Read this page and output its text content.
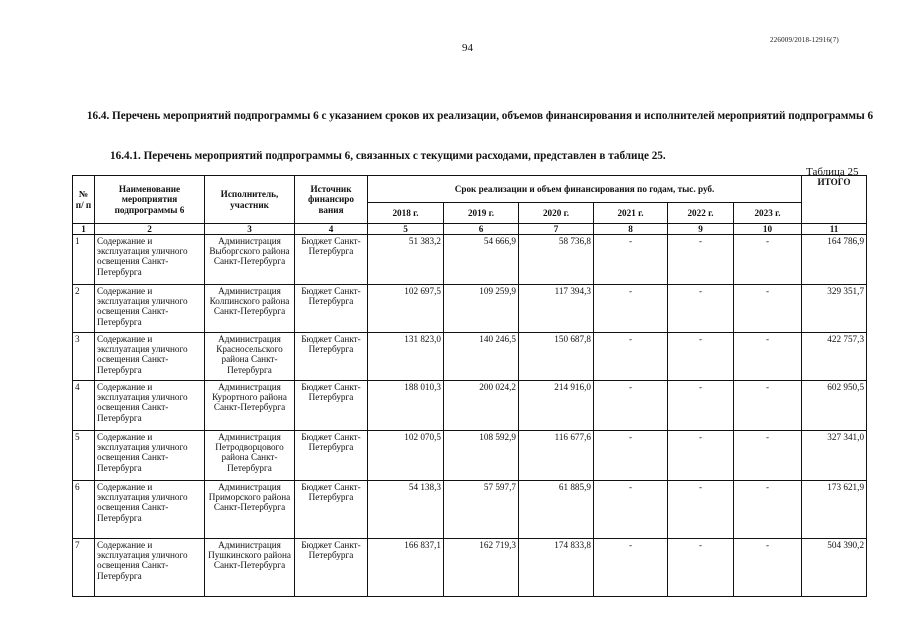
226009/2018-12916(7)
94
16.4. Перечень мероприятий подпрограммы 6 с указанием сроков их реализации, объемов финансирования и исполнителей мероприятий подпрограммы 6
16.4.1. Перечень мероприятий подпрограммы 6, связанных с текущими расходами, представлен в таблице 25.
Таблица 25
№ п/ п	Наименование мероприятия подпрограммы 6	Исполнитель, участник	Источник финансиро вания	Срок реализации и объем финансирования по годам, тыс. руб.						ИТОГО
				2018 г.	2019 г.	2020 г.	2021 г.	2022 г.	2023 г.	
1	2	3	4	5	6	7	8	9	10	11
1	Содержание и эксплуатация уличного освещения Санкт-Петербурга	Администрация Выборгского района Санкт-Петербурга	Бюджет Санкт-Петербурга	51 383,2	54 666,9	58 736,8	-	-	-	164 786,9
2	Содержание и эксплуатация уличного освещения Санкт-Петербурга	Администрация Колпинского района Санкт-Петербурга	Бюджет Санкт-Петербурга	102 697,5	109 259,9	117 394,3	-	-	-	329 351,7
3	Содержание и эксплуатация уличного освещения Санкт-Петербурга	Администрация Красносельского района Санкт-Петербурга	Бюджет Санкт-Петербурга	131 823,0	140 246,5	150 687,8	-	-	-	422 757,3
4	Содержание и эксплуатация уличного освещения Санкт-Петербурга	Администрация Курортного района Санкт-Петербурга	Бюджет Санкт-Петербурга	188 010,3	200 024,2	214 916,0	-	-	-	602 950,5
5	Содержание и эксплуатация уличного освещения Санкт-Петербурга	Администрация Петродворцового района Санкт-Петербурга	Бюджет Санкт-Петербурга	102 070,5	108 592,9	116 677,6	-	-	-	327 341,0
6	Содержание и эксплуатация уличного освещения Санкт-Петербурга	Администрация Приморского района Санкт-Петербурга	Бюджет Санкт-Петербурга	54 138,3	57 597,7	61 885,9	-	-	-	173 621,9
7	Содержание и эксплуатация уличного освещения Санкт-Петербурга	Администрация Пушкинского района Санкт-Петербурга	Бюджет Санкт-Петербурга	166 837,1	162 719,3	174 833,8	-	-	-	504 390,2
